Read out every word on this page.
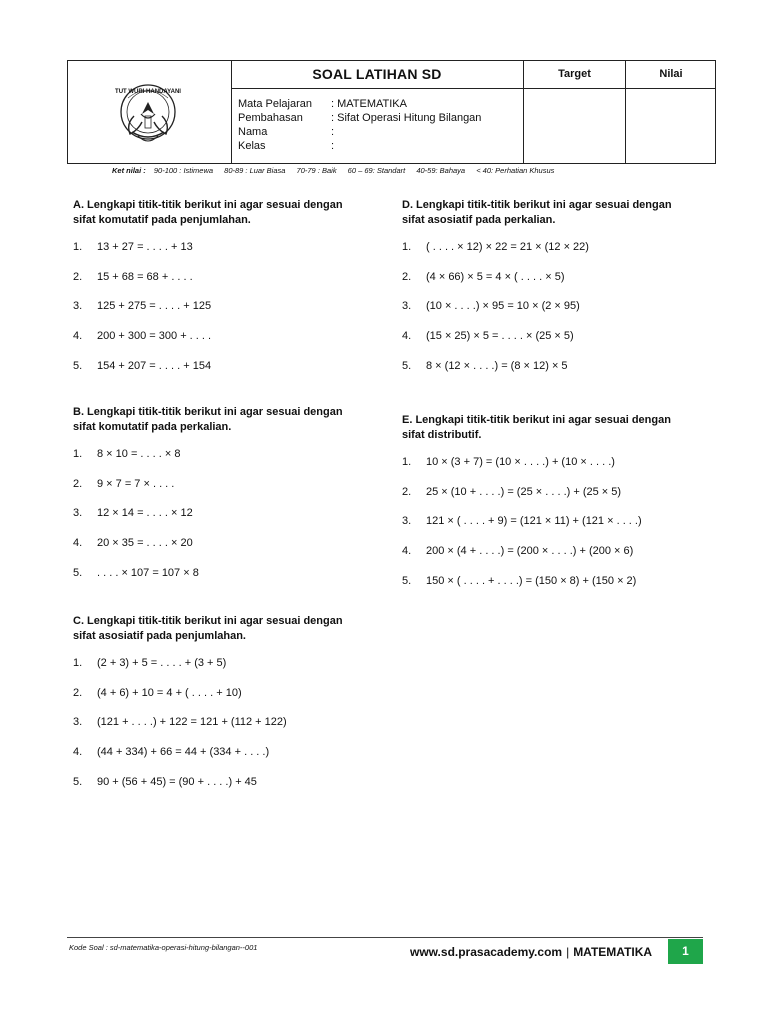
TUT WURI HANDAYANI
SOAL LATIHAN SD	Target	Nilai
Mata Pelajaran	: MATEMATIKA
Pembahasan	: Sifat Operasi Hitung Bilangan
Nama	:
Kelas	:
Ket nilai : 90-100 : Istimewa 80-89 : Luar Biasa 70-79 : Baik 60 – 69: Standart 40-59: Bahaya < 40: Perhatian Khusus

A. Lengkapi titik-titik berikut ini agar sesuai dengan
sifat komutatif pada penjumlahan.

1.	13 + 27 = . . . . + 13
2.	15 + 68 = 68 + . . . .
3.	125 + 275 = . . . . + 125
4.	200 + 300 = 300 + . . . .
5.	154 + 207 = . . . . + 154

B. Lengkapi titik-titik berikut ini agar sesuai dengan
sifat komutatif pada perkalian.

1.	8 × 10 = . . . . × 8
2.	9 × 7 = 7 × . . . .
3.	12 × 14 = . . . . × 12
4.	20 × 35 = . . . . × 20
5.	. . . . × 107 = 107 × 8

C. Lengkapi titik-titik berikut ini agar sesuai dengan
sifat asosiatif pada penjumlahan.

1.	(2 + 3) + 5 = . . . . + (3 + 5)
2.	(4 + 6) + 10 = 4 + ( . . . . + 10)
3.	(121 + . . . .) + 122 = 121 + (112 + 122)
4.	(44 + 334) + 66 = 44 + (334 + . . . .)
5.	90 + (56 + 45) = (90 + . . . .) + 45

D. Lengkapi titik-titik berikut ini agar sesuai dengan
sifat asosiatif pada perkalian.

1.	( . . . . × 12) × 22 = 21 × (12 × 22)
2.	(4 × 66) × 5 = 4 × ( . . . . × 5)
3.	(10 × . . . .) × 95 = 10 × (2 × 95)
4.	(15 × 25) × 5 = . . . . × (25 × 5)
5.	8 × (12 × . . . .) = (8 × 12) × 5

E. Lengkapi titik-titik berikut ini agar sesuai dengan
sifat distributif.

1.	10 × (3 + 7) = (10 × . . . .) + (10 × . . . .)
2.	25 × (10 + . . . .) = (25 × . . . .) + (25 × 5)
3.	121 × ( . . . . + 9) = (121 × 11) + (121 × . . . .)
4.	200 × (4 + . . . .) = (200 × . . . .) + (200 × 6)
5.	150 × ( . . . . + . . . .) = (150 × 8) + (150 × 2)
Kode Soal : sd-matematika-operasi-hitung-bilangan--001	www.sd.prasacademy.com | MATEMATIKA	1
